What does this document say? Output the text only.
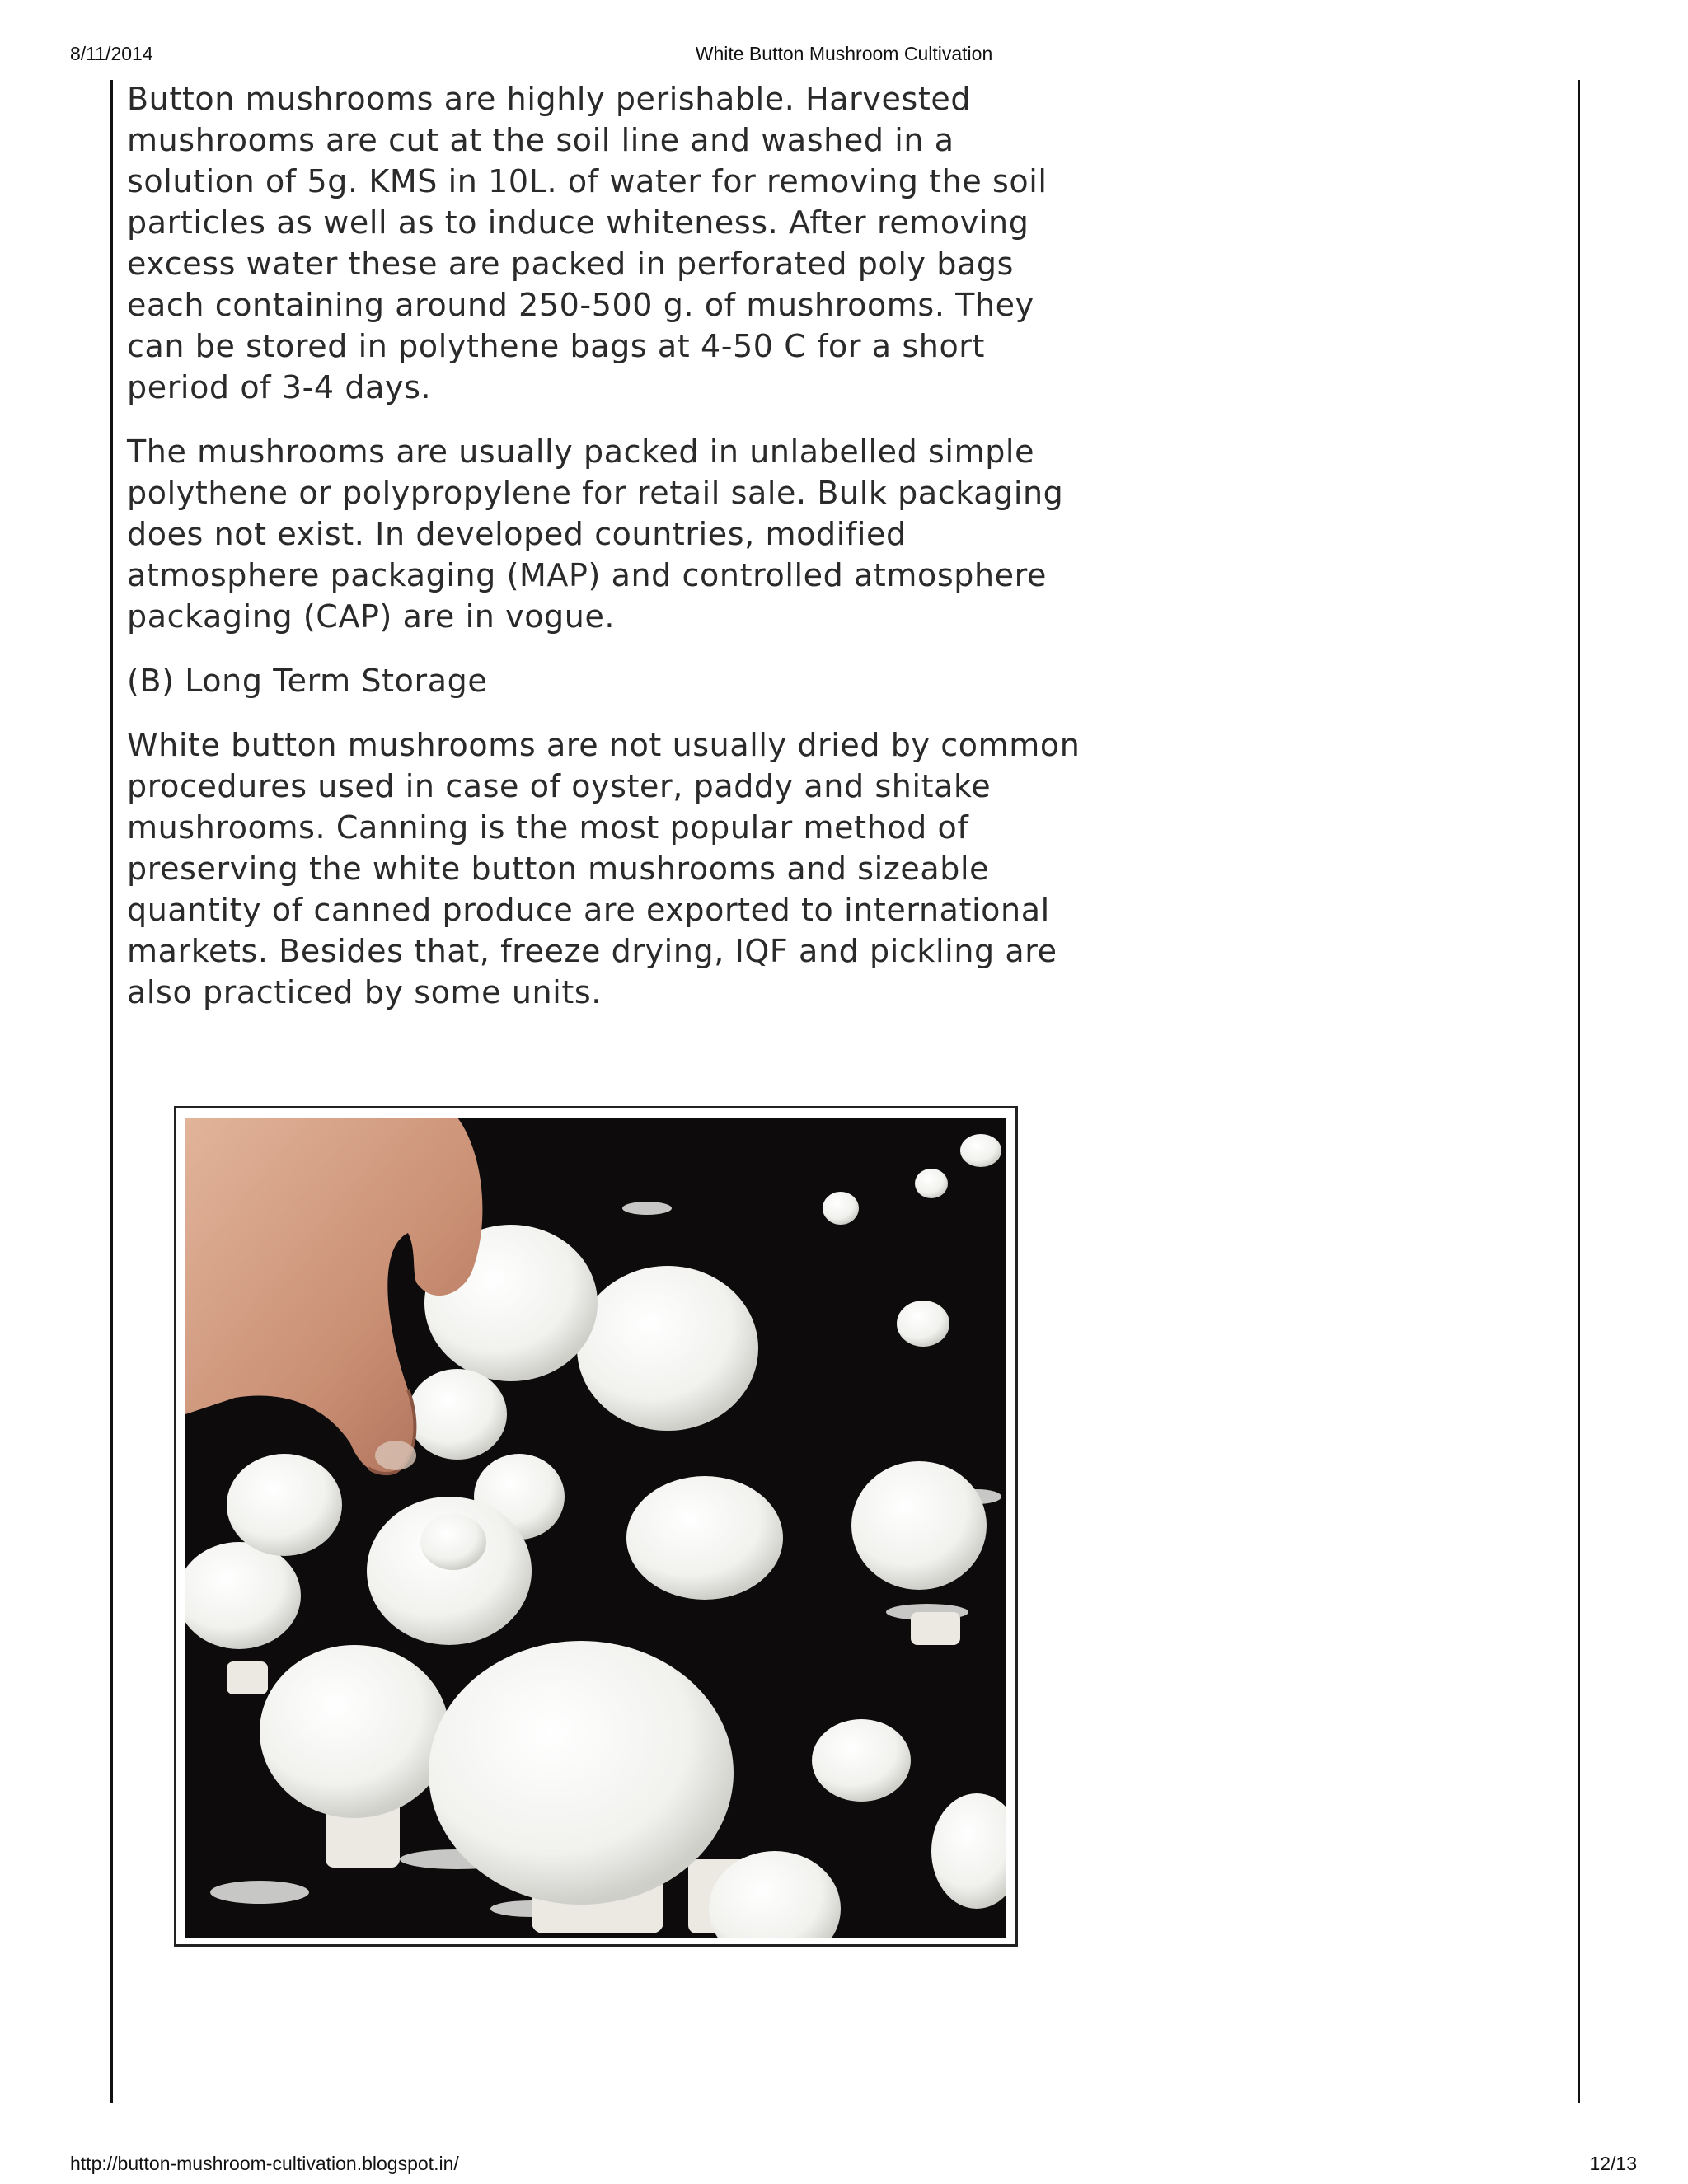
8/11/2014	White Button Mushroom Cultivation

Button mushrooms are highly perishable. Harvested mushrooms are cut at the soil line and washed in a solution of 5g. KMS in 10L. of water for removing the soil particles as well as to induce whiteness. After removing excess water these are packed in perforated poly bags each containing around 250-500 g. of mushrooms. They can be stored in polythene bags at 4-50 C for a short period of 3-4 days.

The mushrooms are usually packed in unlabelled simple polythene or polypropylene for retail sale. Bulk packaging does not exist. In developed countries, modified atmosphere packaging (MAP) and controlled atmosphere packaging (CAP) are in vogue.

(B) Long Term Storage

White button mushrooms are not usually dried by common procedures used in case of oyster, paddy and shitake mushrooms. Canning is the most popular method of preserving the white button mushrooms and sizeable quantity of canned produce are exported to international markets. Besides that, freeze drying, IQF and pickling are also practiced by some units.

http://button-mushroom-cultivation.blogspot.in/	12/13
